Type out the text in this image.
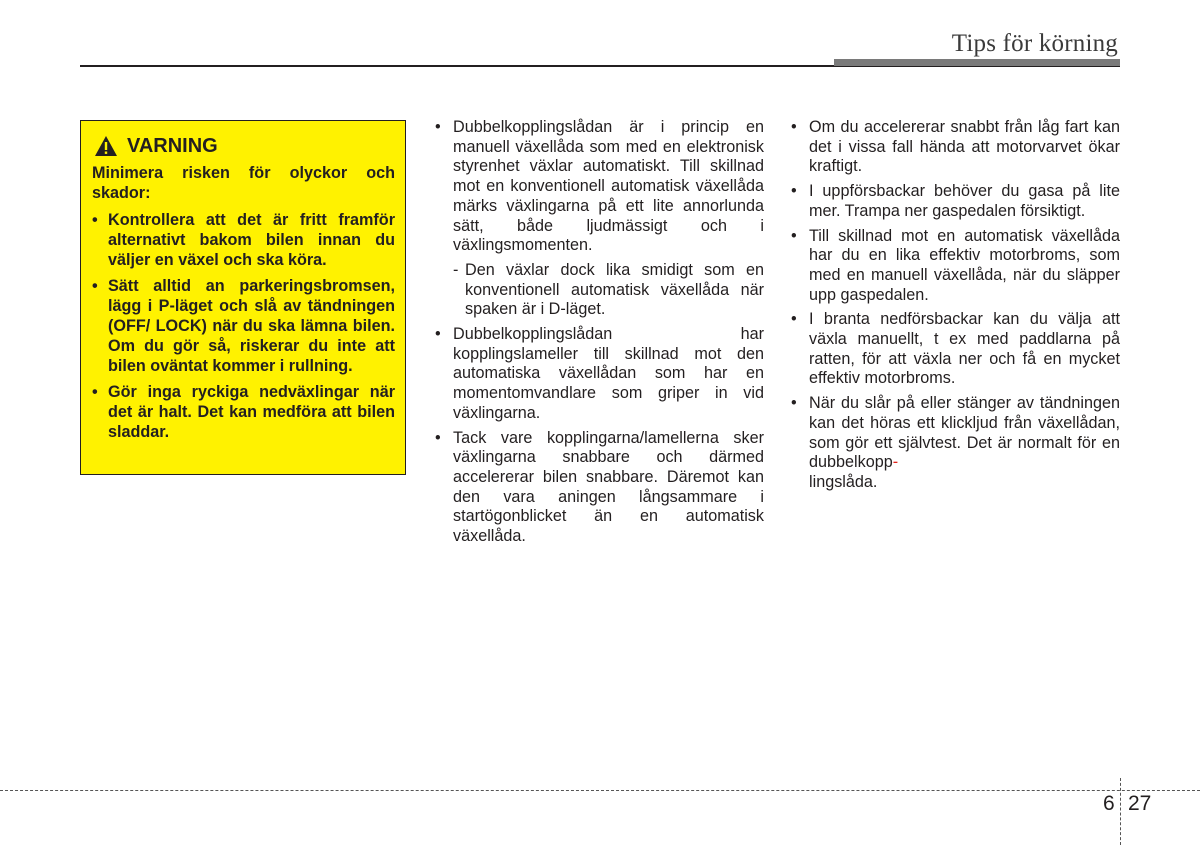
Tips för körning
VARNING
Minimera risken för olyckor och skador:
• Kontrollera att det är fritt framför alternativt bakom bilen innan du väljer en växel och ska köra.
• Sätt alltid an parkeringsbromsen, lägg i P-läget och slå av tändningen (OFF/ LOCK) när du ska lämna bilen. Om du gör så, riskerar du inte att bilen oväntat kommer i rullning.
• Gör inga ryckiga nedväxlingar när det är halt. Det kan medföra att bilen sladdar.
• Dubbelkopplingslådan är i princip en manuell växellåda som med en elektronisk styrenhet växlar automatiskt. Till skillnad mot en konventionell automatisk växellåda märks växlingarna på ett lite annorlunda sätt, både ljudmässigt och i växlingsmomenten.
- Den växlar dock lika smidigt som en konventionell automatisk växellåda när spaken är i D-läget.
• Dubbelkopplingslådan har kopplingslameller till skillnad mot den automatiska växellådan som har en momentomvandlare som griper in vid växlingarna.
• Tack vare kopplingarna/lamellerna sker växlingarna snabbare och därmed accelererar bilen snabbare. Däremot kan den vara aningen långsammare i startögonblicket än en automatisk växellåda.
• Om du accelererar snabbt från låg fart kan det i vissa fall hända att motorvarvet ökar kraftigt.
• I uppförsbackar behöver du gasa på lite mer. Trampa ner gaspedalen försiktigt.
• Till skillnad mot en automatisk växellåda har du en lika effektiv motorbroms, som med en manuell växellåda, när du släpper upp gaspedalen.
• I branta nedförsbackar kan du välja att växla manuellt, t ex med paddlarna på ratten, för att växla ner och få en mycket effektiv motorbroms.
• När du slår på eller stänger av tändningen kan det höras ett klickljud från växellådan, som gör ett självtest. Det är normalt för en dubbelkopp-
lingslåda.
6 27
